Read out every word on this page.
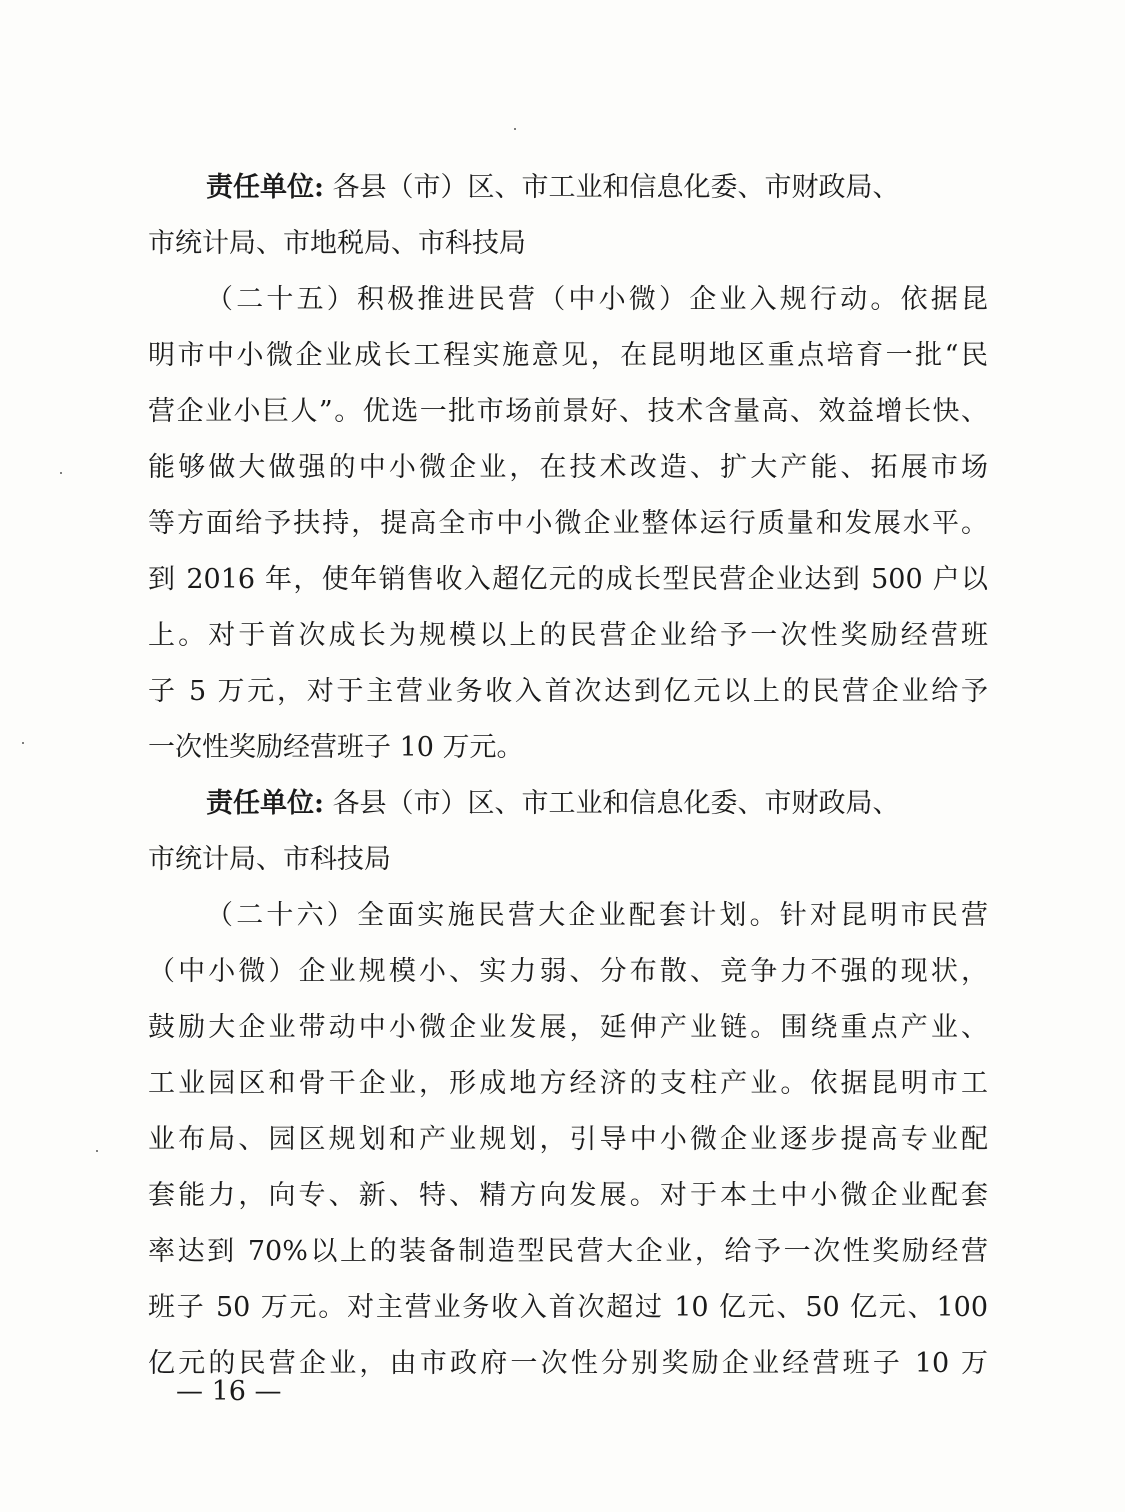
责任单位: 各县（市）区、市工业和信息化委、市财政局、
市统计局、市地税局、市科技局
（二十五）积极推进民营（中小微）企业入规行动。依据昆
明市中小微企业成长工程实施意见，在昆明地区重点培育一批“民
营企业小巨人”。优选一批市场前景好、技术含量高、效益增长快、
能够做大做强的中小微企业，在技术改造、扩大产能、拓展市场
等方面给予扶持，提高全市中小微企业整体运行质量和发展水平。
到 2016 年，使年销售收入超亿元的成长型民营企业达到 500 户以
上。对于首次成长为规模以上的民营企业给予一次性奖励经营班
子 5 万元，对于主营业务收入首次达到亿元以上的民营企业给予
一次性奖励经营班子 10 万元。
责任单位: 各县（市）区、市工业和信息化委、市财政局、
市统计局、市科技局
（二十六）全面实施民营大企业配套计划。针对昆明市民营
（中小微）企业规模小、实力弱、分布散、竞争力不强的现状，
鼓励大企业带动中小微企业发展，延伸产业链。围绕重点产业、
工业园区和骨干企业，形成地方经济的支柱产业。依据昆明市工
业布局、园区规划和产业规划，引导中小微企业逐步提高专业配
套能力，向专、新、特、精方向发展。对于本土中小微企业配套
率达到 70%以上的装备制造型民营大企业，给予一次性奖励经营
班子 50 万元。对主营业务收入首次超过 10 亿元、50 亿元、100
亿元的民营企业，由市政府一次性分别奖励企业经营班子 10 万
— 16 —
